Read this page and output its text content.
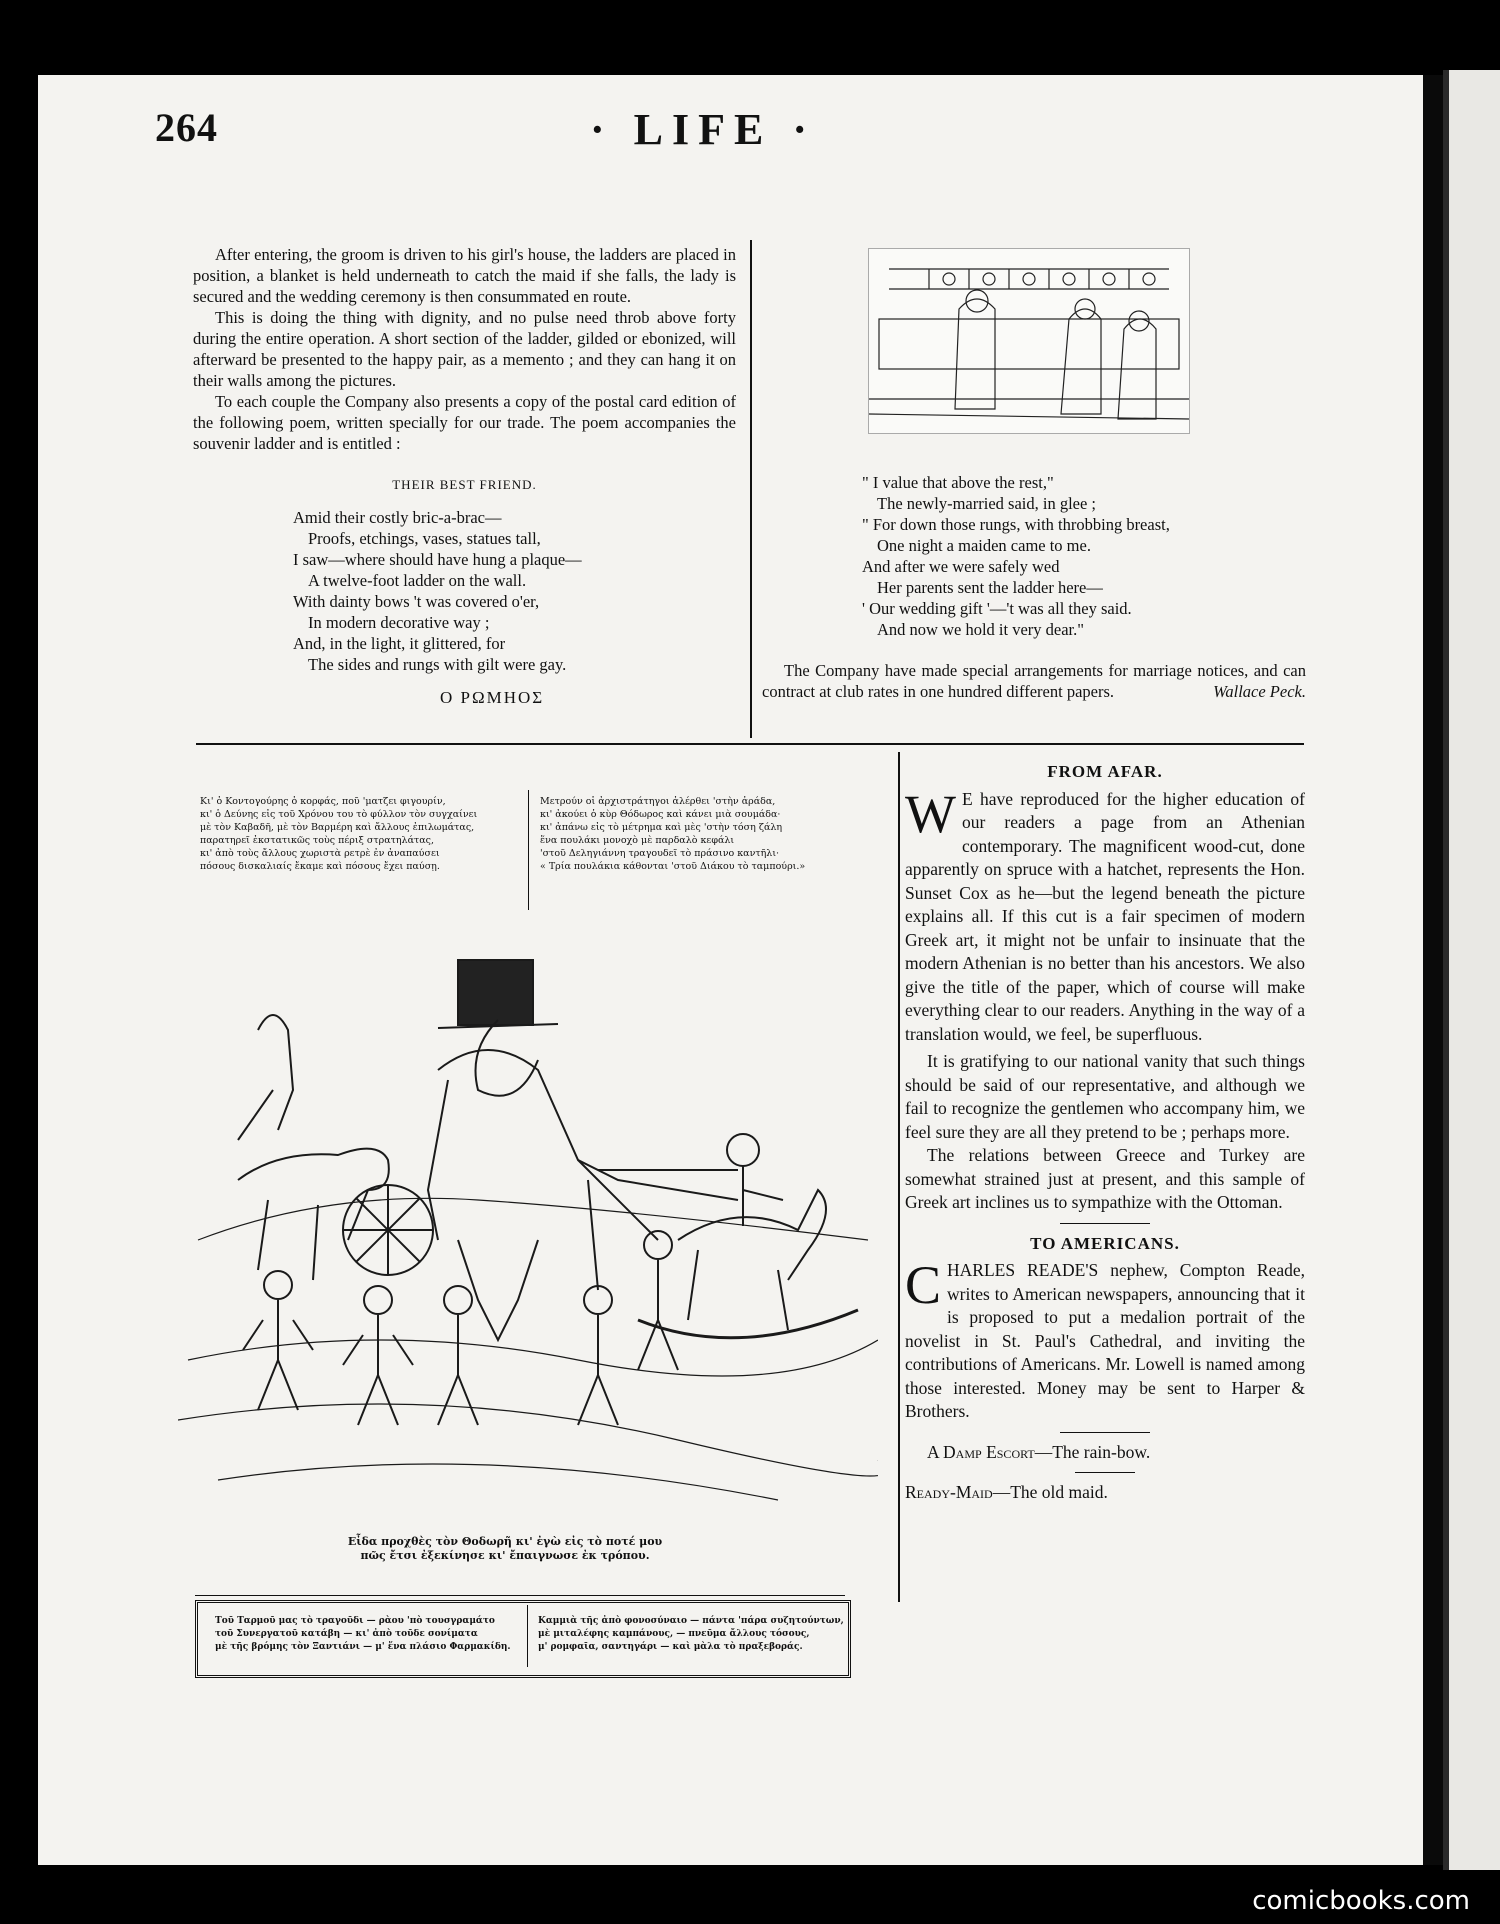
264	· LIFE ·

After entering, the groom is driven to his girl's house, the ladders are placed in position, a blanket is held underneath to catch the maid if she falls, the lady is secured and the wedding ceremony is then consummated en route.

This is doing the thing with dignity, and no pulse need throb above forty during the entire operation. A short section of the ladder, gilded or ebonized, will afterward be presented to the happy pair, as a memento ; and they can hang it on their walls among the pictures.

To each couple the Company also presents a copy of the postal card edition of the following poem, written specially for our trade. The poem accompanies the souvenir ladder and is entitled :

THEIR BEST FRIEND.

Amid their costly bric-a-brac—

Proofs, etchings, vases, statues tall,

I saw—where should have hung a plaque—

A twelve-foot ladder on the wall.

With dainty bows 't was covered o'er,

In modern decorative way ;

And, in the light, it glittered, for

The sides and rungs with gilt were gay.

" I value that above the rest,"

The newly-married said, in glee ;

" For down those rungs, with throbbing breast,

One night a maiden came to me.

And after we were safely wed

Her parents sent the ladder here—

' Our wedding gift '—'t was all they said.

And now we hold it very dear."

The Company have made special arrangements for marriage notices, and can contract at club rates in one hundred different papers.	Wallace Peck.

Ο ΡΩΜΗΟΣ
Κι' ὁ Κοντογούρης ὁ κορφάς, ποῦ 'ματζει φιγουρίν,
κι' ὁ Δεύνης εἰς τοῦ Χρόνου του τὸ φύλλον τὸν συγχαίνει
μὲ τὸν Καβαδῆ, μὲ τὸν Βαρμέρη καὶ ἄλλους ἐπιλωμάτας,
παρατηρεῖ ἐκστατικῶς τοὺς πέριξ στρατηλάτας,
κι' ἀπὸ τοὺς ἄλλους χωριστὰ ρετρὲ ἐν ἀναπαύσει
πόσους δισκαλιαίς ἔκαμε καὶ πόσους ἔχει παύσῃ.
Μετρούν οἱ ἀρχιστράτηγοι ἀλέρθει 'στὴν ἀράδα,
κι' ἀκούει ὁ κὺρ Θόδωρος καὶ κάνει μιὰ σουμάδα·
κι' ἀπάνω εἰς τὸ μέτρημα καὶ μὲς 'στὴν τόση ζάλη
ἕνα πουλάκι μονοχὸ μὲ παρδαλὸ κεφάλι
'στοῦ Δεληγιάννη τραγουδεῖ τὸ πράσινο καντῆλι·
« Τρία πουλάκια κάθονται 'στοῦ Διάκου τὸ ταμπούρι.»
Εἶδα προχθὲς τὸν Θοδωρῆ κι' ἐγὼ εἰς τὸ ποτέ μου
πῶς ἔτσι ἐξεκίνησε κι' ἔπαιγνωσε ἐκ τρόπου.
Τοῦ Ταρμοῦ μας τὸ τραγοῦδι — ρὰου 'πὸ τουσγραμάτο
τοῦ Συνεργατοῦ κατάβη — κι' ἀπὸ τοῦδε σονίματα
μὲ τῆς βρόμης τὸν Ξαντιάνι — μ' ἕνα πλάσιο Φαρμακίδη.
Καμμιὰ τῆς ἀπὸ φονοσύναιο — πάντα 'πάρα συζητούντων,
μὲ μιταλέφης καμπάνους, — πνεῦμα ἄλλους τόσους,
μ' ρομφαῖα, σαντηγάρι — καὶ μὰλα τὸ πραξεβοράς.
FROM AFAR.

W E have reproduced for the higher education of our readers a page from an Athenian contemporary. The magnificent wood-cut, done apparently on spruce with a hatchet, represents the Hon. Sunset Cox as he—but the legend beneath the picture explains all. If this cut is a fair specimen of modern Greek art, it might not be unfair to insinuate that the modern Athenian is no better than his ancestors. We also give the title of the paper, which of course will make everything clear to our readers. Anything in the way of a translation would, we feel, be superfluous.

It is gratifying to our national vanity that such things should be said of our representative, and although we fail to recognize the gentlemen who accompany him, we feel sure they are all they pretend to be ; perhaps more.

The relations between Greece and Turkey are somewhat strained just at present, and this sample of Greek art inclines us to sympathize with the Ottoman.

TO AMERICANS.

CHARLES READE'S nephew, Compton Reade, writes to American newspapers, announcing that it is proposed to put a medalion portrait of the novelist in St. Paul's Cathedral, and inviting the contributions of Americans. Mr. Lowell is named among those interested. Money may be sent to Harper & Brothers.

A Damp Escort—The rain-bow.

Ready-Maid—The old maid.

comicbooks.com
